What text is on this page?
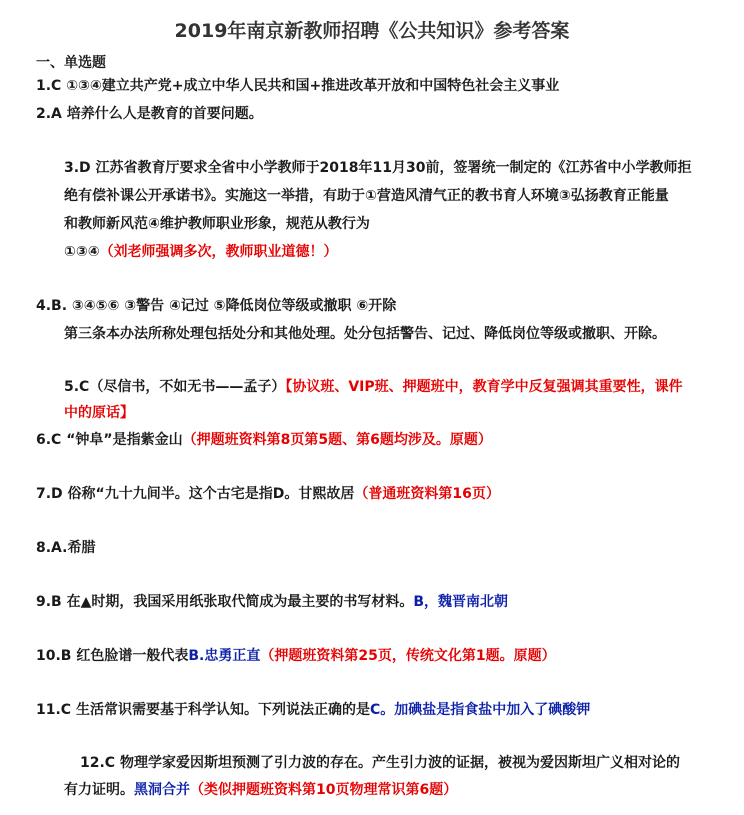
2019年南京新教师招聘《公共知识》参考答案
一、单选题
1.C ①③④建立共产党+成立中华人民共和国+推进改革开放和中国特色社会主义事业
2.A 培养什么人是教育的首要问题。
3.D 江苏省教育厅要求全省中小学教师于2018年11月30前，签署统一制定的《江苏省中小学教师拒
绝有偿补课公开承诺书》。实施这一举措，有助于①营造风清气正的教书育人环境③弘扬教育正能量
和教师新风范④维护教师职业形象，规范从教行为
①③④（刘老师强调多次，教师职业道德！）
4.B. ③④⑤⑥ ③警告 ④记过 ⑤降低岗位等级或撤职 ⑥开除
第三条本办法所称处理包括处分和其他处理。处分包括警告、记过、降低岗位等级或撤职、开除。
5.C（尽信书，不如无书——孟子）【协议班、VIP班、押题班中，教育学中反复强调其重要性，课件
中的原话】
6.C “钟阜”是指紫金山（押题班资料第8页第5题、第6题均涉及。原题）
7.D 俗称“九十九间半。这个古宅是指D。甘熙故居（普通班资料第16页）
8.A.希腊
9.B 在▲时期，我国采用纸张取代简成为最主要的书写材料。B，魏晋南北朝
10.B 红色脸谱一般代表B.忠勇正直（押题班资料第25页，传统文化第1题。原题）
11.C 生活常识需要基于科学认知。下列说法正确的是C。加碘盐是指食盐中加入了碘酸钾
12.C 物理学家爱因斯坦预测了引力波的存在。产生引力波的证据，被视为爱因斯坦广义相对论的
有力证明。黑洞合并（类似押题班资料第10页物理常识第6题）
